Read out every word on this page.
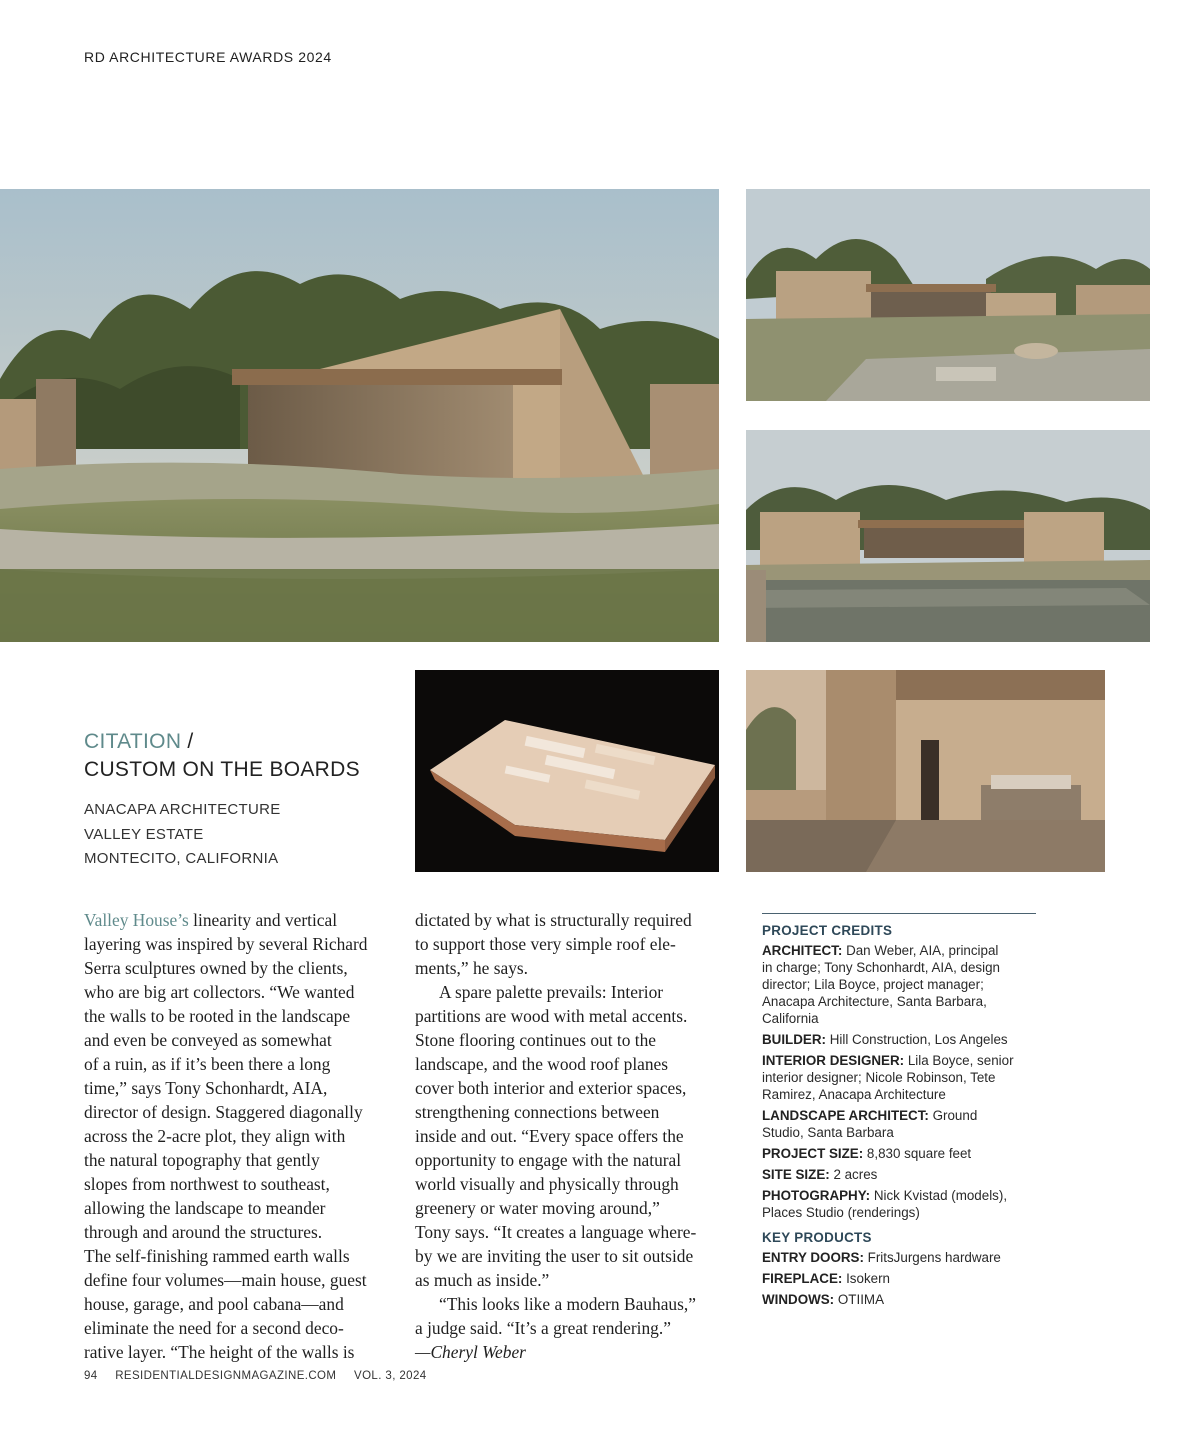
RD ARCHITECTURE AWARDS 2024
CITATION /
CUSTOM ON THE BOARDS
ANACAPA ARCHITECTURE
VALLEY ESTATE
MONTECITO, CALIFORNIA
Valley House’s linearity and vertical
layering was inspired by several Richard
Serra sculptures owned by the clients,
who are big art collectors. “We wanted
the walls to be rooted in the landscape
and even be conveyed as somewhat
of a ruin, as if it’s been there a long
time,” says Tony Schonhardt, AIA,
director of design. Staggered diagonally
across the 2-acre plot, they align with
the natural topography that gently
slopes from northwest to southeast,
allowing the landscape to meander
through and around the structures.
The self-finishing rammed earth walls
define four volumes—main house, guest
house, garage, and pool cabana—and
eliminate the need for a second deco-
rative layer. “The height of the walls is
dictated by what is structurally required
to support those very simple roof ele-
ments,” he says.
A spare palette prevails: Interior
partitions are wood with metal accents.
Stone flooring continues out to the
landscape, and the wood roof planes
cover both interior and exterior spaces,
strengthening connections between
inside and out. “Every space offers the
opportunity to engage with the natural
world visually and physically through
greenery or water moving around,”
Tony says. “It creates a language where-
by we are inviting the user to sit outside
as much as inside.”
“This looks like a modern Bauhaus,”
a judge said. “It’s a great rendering.”
—Cheryl Weber
PROJECT CREDITS
ARCHITECT: Dan Weber, AIA, principal
in charge; Tony Schonhardt, AIA, design
director; Lila Boyce, project manager;
Anacapa Architecture, Santa Barbara,
California
BUILDER: Hill Construction, Los Angeles
INTERIOR DESIGNER: Lila Boyce, senior
interior designer; Nicole Robinson, Tete
Ramirez, Anacapa Architecture
LANDSCAPE ARCHITECT: Ground
Studio, Santa Barbara
PROJECT SIZE: 8,830 square feet
SITE SIZE: 2 acres
PHOTOGRAPHY: Nick Kvistad (models),
Places Studio (renderings)
KEY PRODUCTS
ENTRY DOORS: FritsJurgens hardware
FIREPLACE: Isokern
WINDOWS: OTIIMA
94 RESIDENTIALDESIGNMAGAZINE.COM VOL. 3, 2024
